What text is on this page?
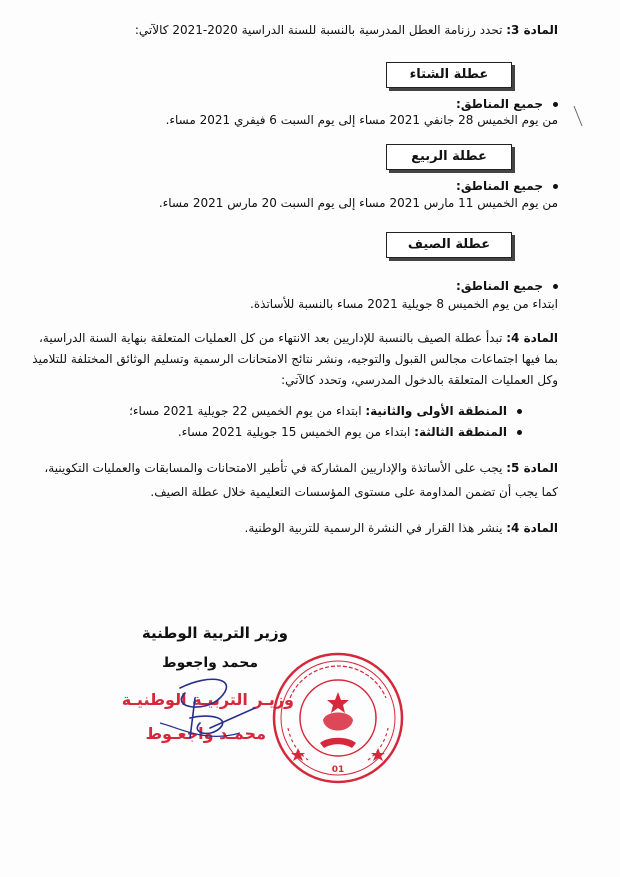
المادة 3: تحدد رزنامة العطل المدرسية بالنسبة للسنة الدراسية 2020-2021 كالآتي:
عطلة الشتاء
جميع المناطق:
من يوم الخميس 28 جانفي 2021 مساء إلى يوم السبت 6 فيفري 2021 مساء.
عطلة الربيع
جميع المناطق:
من يوم الخميس 11 مارس 2021 مساء إلى يوم السبت 20 مارس 2021 مساء.
عطلة الصيف
جميع المناطق:
ابتداء من يوم الخميس 8 جويلية 2021 مساء بالنسبة للأساتذة.
المادة 4: تبدأ عطلة الصيف بالنسبة للإداريين بعد الانتهاء من كل العمليات المتعلقة بنهاية السنة الدراسية،
بما فيها اجتماعات مجالس القبول والتوجيه، ونشر نتائج الامتحانات الرسمية وتسليم الوثائق المختلفة للتلاميذ
وكل العمليات المتعلقة بالدخول المدرسي، وتحدد كالآتي:
المنطقة الأولى والثانية: ابتداء من يوم الخميس 22 جويلية 2021 مساء؛
المنطقة الثالثة: ابتداء من يوم الخميس 15 جويلية 2021 مساء.
المادة 5: يجب على الأساتذة والإداريين المشاركة في تأطير الامتحانات والمسابقات والعمليات التكوينية،
كما يجب أن تضمن المداومة على مستوى المؤسسات التعليمية خلال عطلة الصيف.
المادة 4: ينشر هذا القرار في النشرة الرسمية للتربية الوطنية.
وزير التربية الوطنية
محمد واجعوط
وزيـر التربيـة الوطنيـة
محمـد واجعـوط
01
